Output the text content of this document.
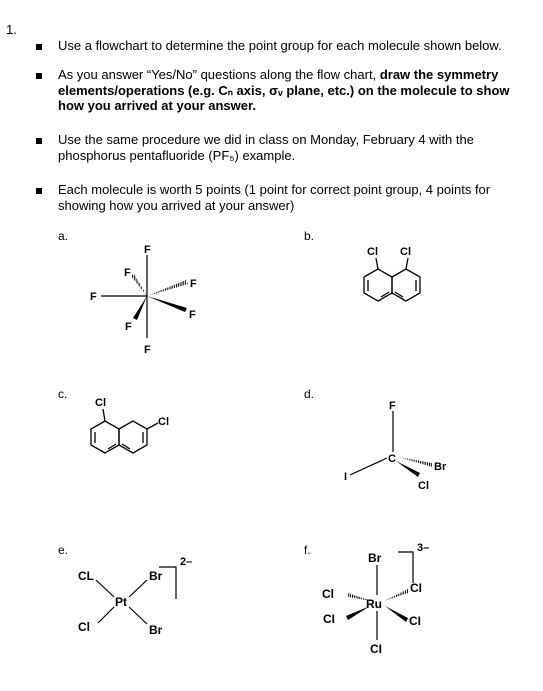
1.
Use a flowchart to determine the point group for each molecule shown below.
As you answer “Yes/No” questions along the flow chart, draw the symmetry elements/operations (e.g. Cₙ axis, σᵥ plane, etc.) on the molecule to show how you arrived at your answer.
Use the same procedure we did in class on Monday, February 4 with the phosphorus pentafluoride (PF₅) example.
Each molecule is worth 5 points (1 point for correct point group, 4 points for showing how you arrived at your answer)
a.	b.
c.	d.
e.	f.
F
F
F
F
F
F
F
Cl Cl
Cl
Cl
F
C
I
Br
Cl
CL
Cl
Pt
Br
Br
2–	Br
Cl	CI
Ru
CI	CI
CI
3–
